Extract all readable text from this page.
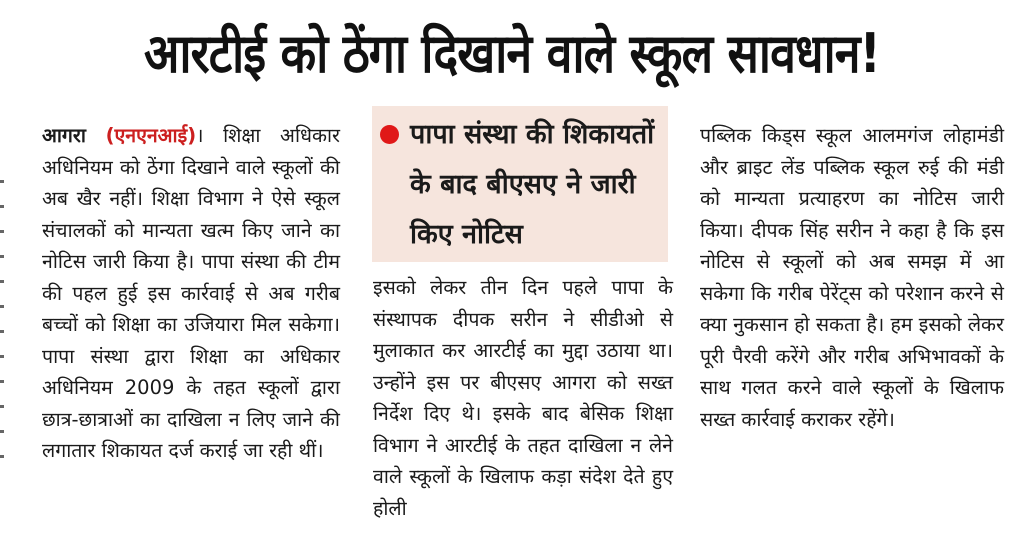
आरटीई को ठेंगा दिखाने वाले स्कूल सावधान!
आगरा (एनएनआई)। शिक्षा अधिकार अधिनियम को ठेंगा दिखाने वाले स्कूलों की अब खैर नहीं। शिक्षा विभाग ने ऐसे स्कूल संचालकों को मान्यता खत्म किए जाने का नोटिस जारी किया है। पापा संस्था की टीम की पहल हुई इस कार्रवाई से अब गरीब बच्चों को शिक्षा का उजियारा मिल सकेगा। पापा संस्था द्वारा शिक्षा का अधिकार अधिनियम 2009 के तहत स्कूलों द्वारा छात्र-छात्राओं का दाखिला न लिए जाने की लगातार शिकायत दर्ज कराई जा रही थीं।
पापा संस्था की शिकायतों के बाद बीएसए ने जारी किए नोटिस
इसको लेकर तीन दिन पहले पापा के संस्थापक दीपक सरीन ने सीडीओ से मुलाकात कर आरटीई का मुद्दा उठाया था। उन्होंने इस पर बीएसए आगरा को सख्त निर्देश दिए थे। इसके बाद बेसिक शिक्षा विभाग ने आरटीई के तहत दाखिला न लेने वाले स्कूलों के खिलाफ कड़ा संदेश देते हुए होली
पब्लिक किड्स स्कूल आलमगंज लोहामंडी और ब्राइट लेंड पब्लिक स्कूल रुई की मंडी को मान्यता प्रत्याहरण का नोटिस जारी किया। दीपक सिंह सरीन ने कहा है कि इस नोटिस से स्कूलों को अब समझ में आ सकेगा कि गरीब पेरेंट्स को परेशान करने से क्या नुकसान हो सकता है। हम इसको लेकर पूरी पैरवी करेंगे और गरीब अभिभावकों के साथ गलत करने वाले स्कूलों के खिलाफ सख्त कार्रवाई कराकर रहेंगे।
